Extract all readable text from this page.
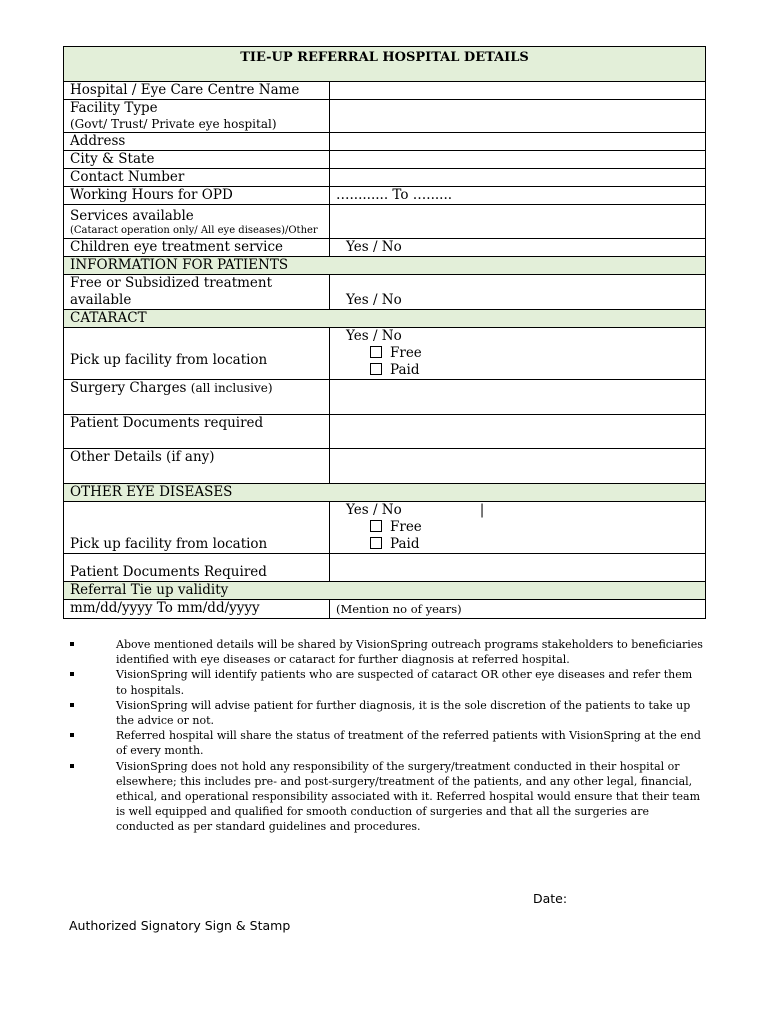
TIE-UP REFERRAL HOSPITAL DETAILS	
Hospital / Eye Care Centre Name	

Facility Type
(Govt/ Trust/ Private eye hospital)	

Address	
City & State	
Contact Number	
Working Hours for OPD	…......... To …......

Services available
(Cataract operation only/ All eye diseases)/Other	

Children eye treatment service	Yes / No
INFORMATION FOR PATIENTS	

Free or Subsidized treatment
available	Yes / No
CATARACT	
Pick up facility from location	Yes / No
Free
Paid

Surgery Charges (all inclusive)	
Patient Documents required	
Other Details (if any)	
OTHER EYE DISEASES	
Pick up facility from location	Yes / No |
Free
Paid

Patient Documents Required	
Referral Tie up validity	
mm/dd/yyyy To mm/dd/yyyy	(Mention no of years)
Above mentioned details will be shared by VisionSpring outreach programs stakeholders to beneficiaries identified with eye diseases or cataract for further diagnosis at referred hospital.
VisionSpring will identify patients who are suspected of cataract OR other eye diseases and refer them to hospitals.
VisionSpring will advise patient for further diagnosis, it is the sole discretion of the patients to take up the advice or not.
Referred hospital will share the status of treatment of the referred patients with VisionSpring at the end of every month.
VisionSpring does not hold any responsibility of the surgery/treatment conducted in their hospital or elsewhere; this includes pre- and post-surgery/treatment of the patients, and any other legal, financial, ethical, and operational responsibility associated with it. Referred hospital would ensure that their team is well equipped and qualified for smooth conduction of surgeries and that all the surgeries are conducted as per standard guidelines and procedures.
Date:
Authorized Signatory Sign & Stamp
